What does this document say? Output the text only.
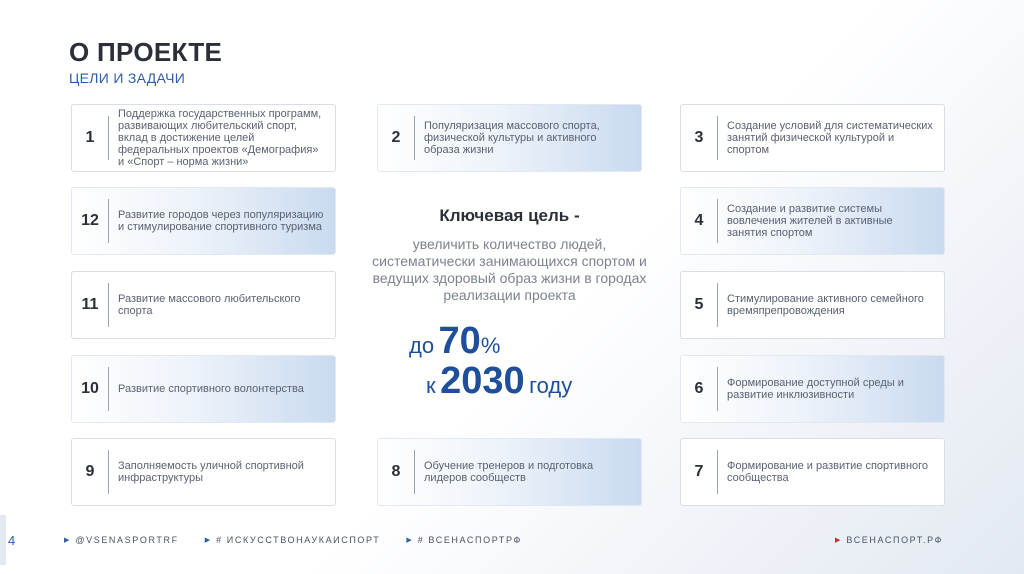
О ПРОЕКТЕ
ЦЕЛИ И ЗАДАЧИ
1
Поддержка государственных программ, развивающих любительский спорт, вклад в достижение целей федеральных проектов «Демография» и «Спорт – норма жизни»
12	Развитие городов через популяризацию и стимулирование спортивного туризма
11	Развитие массового любительского спорта
10	Развитие спортивного волонтерства
9	Заполняемость уличной спортивной инфраструктуры
2
Популяризация массового спорта, физической культуры и активного образа жизни
8	Обучение тренеров и подготовка лидеров сообществ
3
Создание условий для систематических занятий физической культурой и спортом
4
Создание и развитие системы вовлечения жителей в активные занятия спортом
5	Стимулирование активного семейного времяпрепровождения
6	Формирование доступной среды и развитие инклюзивности
7	Формирование и развитие спортивного сообщества
Ключевая цель -
увеличить количество людей, систематически занимающихся спортом и ведущих здоровый образ жизни в городах реализации проекта
до 70%
к 2030 году
4	▶ @VSENASPORTRF	▶ # ИСКУССТВОНАУКАИСПОРТ	▶ # ВСЕНАСПОРТРФ	▶ ВСЕНАСПОРТ.РФ
